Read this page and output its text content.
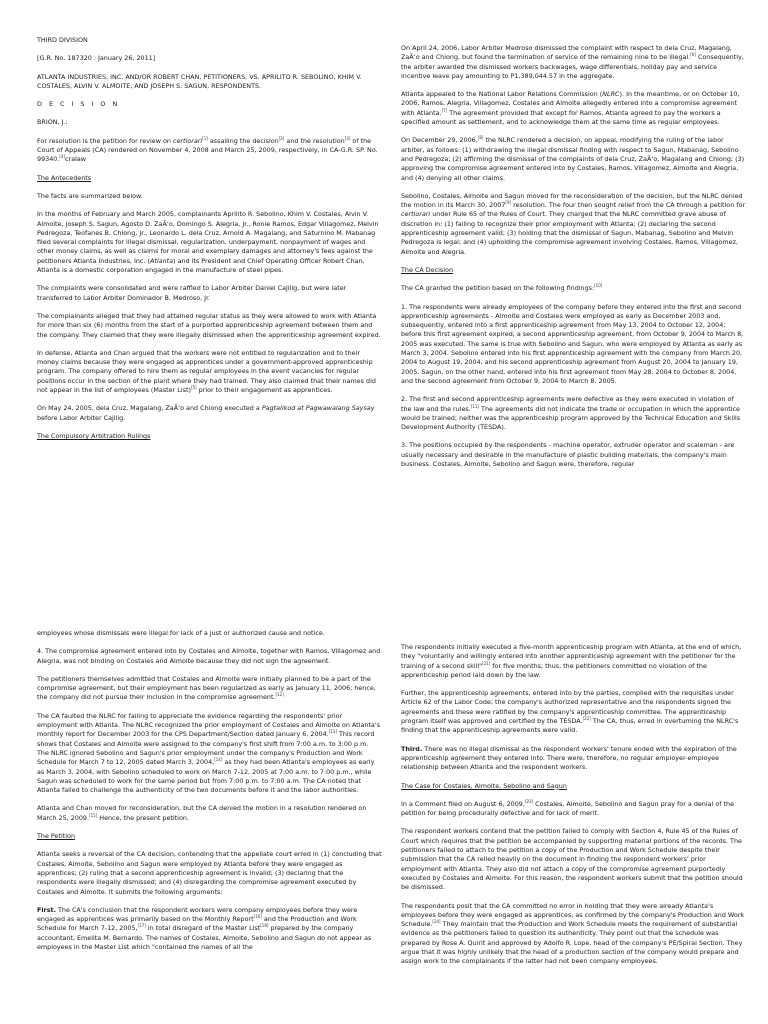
THIRD DIVISION

[G.R. No. 187320 : January 26, 2011]

ATLANTA INDUSTRIES, INC. AND/OR ROBERT CHAN, PETITIONERS, VS. APRILITO R. SEBOLINO, KHIM V. COSTALES, ALVIN V. ALMOITE, AND JOSEPH S. SAGUN, RESPONDENTS.

D E C I S I O N

BRION, J.:

For resolution is the petition for review on certiorari[1] assailing the decision[2] and the resolution[3] of the Court of Appeals (CA) rendered on November 4, 2008 and March 25, 2009, respectively, in CA-G.R. SP. No. 99340.[4]cralaw

The Antecedents

The facts are summarized below.

In the months of February and March 2005, complainants Aprilito R. Sebolino, Khim V. Costales, Alvin V. Almoite, Joseph S. Sagun, Agosto D. ZaÃ‘o, Domingo S. Alegria, Jr., Ronie Ramos, Edgar Villagomez, Melvin Pedregoza, Teofanes B. Chiong, Jr., Leonardo L. dela Cruz, Arnold A. Magalang, and Saturnino M. Mabanag filed several complaints for illegal dismissal, regularization, underpayment, nonpayment of wages and other money claims, as well as claims for moral and exemplary damages and attorney's fees against the petitioners Atlanta Industries, Inc. (Atlanta) and its President and Chief Operating Officer Robert Chan. Atlanta is a domestic corporation engaged in the manufacture of steel pipes.

The complaints were consolidated and were raffled to Labor Arbiter Daniel Cajilig, but were later transferred to Labor Arbiter Dominador B. Medroso, Jr.

The complainants alleged that they had attained regular status as they were allowed to work with Atlanta for more than six (6) months from the start of a purported apprenticeship agreement between them and the company. They claimed that they were illegally dismissed when the apprenticeship agreement expired.

In defense, Atlanta and Chan argued that the workers were not entitled to regularization and to their money claims because they were engaged as apprentices under a government-approved apprenticeship program. The company offered to hire them as regular employees in the event vacancies for regular positions occur in the section of the plant where they had trained. They also claimed that their names did not appear in the list of employees (Master List)[5] prior to their engagement as apprentices.

On May 24, 2005, dela Cruz, Magalang, ZaÃ‘o and Chiong executed a Pagtalikod at Pagwawalang Saysay before Labor Arbiter Cajilig.

The Compulsory Arbitration Rulings

On April 24, 2006, Labor Arbiter Medroso dismissed the complaint with respect to dela Cruz, Magalang, ZaÃ‘o and Chiong, but found the termination of service of the remaining nine to be illegal.[6] Consequently, the arbiter awarded the dismissed workers backwages, wage differentials, holiday pay and service incentive leave pay amounting to P1,389,044.57 in the aggregate.

Atlanta appealed to the National Labor Relations Commission (NLRC). In the meantime, or on October 10, 2006, Ramos, Alegria, Villagomez, Costales and Almoite allegedly entered into a compromise agreement with Atlanta.[7] The agreement provided that except for Ramos, Atlanta agreed to pay the workers a specified amount as settlement, and to acknowledge them at the same time as regular employees.

On December 29, 2006,[8] the NLRC rendered a decision, on appeal, modifying the ruling of the labor arbiter, as follows: (1) withdrawing the illegal dismissal finding with respect to Sagun, Mabanag, Sebolino and Pedregoza; (2) affirming the dismissal of the complaints of dela Cruz, ZaÃ‘o, Magalang and Chiong; (3) approving the compromise agreement entered into by Costales, Ramos, Villagomez, Almoite and Alegria, and (4) denying all other claims.

Sebolino, Costales, Almoite and Sagun moved for the reconsideration of the decision, but the NLRC denied the motion in its March 30, 2007[9] resolution. The four then sought relief from the CA through a petition for certiorari under Rule 65 of the Rules of Court. They charged that the NLRC committed grave abuse of discretion in: (1) failing to recognize their prior employment with Atlanta; (2) declaring the second apprenticeship agreement valid; (3) holding that the dismissal of Sagun, Mabanag, Sebolino and Melvin Pedregoza is legal; and (4) upholding the compromise agreement involving Costales, Ramos, Villagomez, Almoite and Alegria.

The CA Decision

The CA granted the petition based on the following findings:[10]

1. The respondents were already employees of the company before they entered into the first and second apprenticeship agreements - Almoite and Costales were employed as early as December 2003 and, subsequently, entered into a first apprenticeship agreement from May 13, 2004 to October 12, 2004; before this first agreement expired, a second apprenticeship agreement, from October 9, 2004 to March 8, 2005 was executed. The same is true with Sebolino and Sagun, who were employed by Atlanta as early as March 3, 2004. Sebolino entered into his first apprenticeship agreement with the company from March 20, 2004 to August 19, 2004, and his second apprenticeship agreement from August 20, 2004 to January 19, 2005. Sagun, on the other hand, entered into his first agreement from May 28, 2004 to October 8, 2004, and the second agreement from October 9, 2004 to March 8, 2005.

2. The first and second apprenticeship agreements were defective as they were executed in violation of the law and the rules.[11] The agreements did not indicate the trade or occupation in which the apprentice would be trained; neither was the apprenticeship program approved by the Technical Education and Skills Development Authority (TESDA).

3. The positions occupied by the respondents - machine operator, extruder operator and scaleman - are usually necessary and desirable in the manufacture of plastic building materials, the company's main business. Costales, Almoite, Sebolino and Sagun were, therefore, regular

employees whose dismissals were illegal for lack of a just or authorized cause and notice.

4. The compromise agreement entered into by Costales and Almoite, together with Ramos, Villagomez and Alegria, was not binding on Costales and Almoite because they did not sign the agreement.

The petitioners themselves admitted that Costales and Almoite were initially planned to be a part of the compromise agreement, but their employment has been regularized as early as January 11, 2006; hence, the company did not pursue their inclusion in the compromise agreement.[12]

The CA faulted the NLRC for failing to appreciate the evidence regarding the respondents' prior employment with Atlanta. The NLRC recognized the prior employment of Costales and Almoite on Atlanta's monthly report for December 2003 for the CPS Department/Section dated January 6, 2004.[13] This record shows that Costales and Almoite were assigned to the company's first shift from 7:00 a.m. to 3:00 p.m. The NLRC ignored Sebolino and Sagun's prior employment under the company's Production and Work Schedule for March 7 to 12, 2005 dated March 3, 2004,[14] as they had been Atlanta's employees as early as March 3, 2004, with Sebolino scheduled to work on March 7-12, 2005 at 7:00 a.m. to 7:00 p.m., while Sagun was scheduled to work for the same period but from 7:00 p.m. to 7:00 a.m. The CA noted that Atlanta failed to challenge the authenticity of the two documents before it and the labor authorities.

Atlanta and Chan moved for reconsideration, but the CA denied the motion in a resolution rendered on March 25, 2009.[15] Hence, the present petition.

The Petition

Atlanta seeks a reversal of the CA decision, contending that the appellate court erred in (1) concluding that Costales, Almoite, Sebolino and Sagun were employed by Atlanta before they were engaged as apprentices; (2) ruling that a second apprenticeship agreement is invalid; (3) declaring that the respondents were illegally dismissed; and (4) disregarding the compromise agreement executed by Costales and Almoite. It submits the following arguments:

First. The CA's conclusion that the respondent workers were company employees before they were engaged as apprentices was primarily based on the Monthly Report[16] and the Production and Work Schedule for March 7-12, 2005,[17] in total disregard of the Master List[18] prepared by the company accountant, Emelita M. Bernardo. The names of Costales, Almoite, Sebolino and Sagun do not appear as employees in the Master List which "contained the names of all the

The respondents initially executed a five-month apprenticeship program with Atlanta, at the end of which, they "voluntarily and willingly entered into another apprenticeship agreement with the petitioner for the training of a second skill"[21] for five months; thus, the petitioners committed no violation of the apprenticeship period laid down by the law.

Further, the apprenticeship agreements, entered into by the parties, complied with the requisites under Article 62 of the Labor Code; the company's authorized representative and the respondents signed the agreements and these were ratified by the company's apprenticeship committee. The apprenticeship program itself was approved and certified by the TESDA.[22] The CA, thus, erred in overturning the NLRC's finding that the apprenticeship agreements were valid.

Third. There was no illegal dismissal as the respondent workers' tenure ended with the expiration of the apprenticeship agreement they entered into. There were, therefore, no regular employer-employee relationship between Atlanta and the respondent workers.

The Case for Costales, Almoite, Sebolino and Sagun

In a Comment filed on August 6, 2009,[23] Costales, Almoite, Sebolino and Sagun pray for a denial of the petition for being procedurally defective and for lack of merit.

The respondent workers contend that the petition failed to comply with Section 4, Rule 45 of the Rules of Court which requires that the petition be accompanied by supporting material portions of the records. The petitioners failed to attach to the petition a copy of the Production and Work Schedule despite their submission that the CA relied heavily on the document in finding the respondent workers' prior employment with Atlanta. They also did not attach a copy of the compromise agreement purportedly executed by Costales and Almoite. For this reason, the respondent workers submit that the petition should be dismissed.

The respondents posit that the CA committed no error in holding that they were already Atlanta's employees before they were engaged as apprentices, as confirmed by the company's Production and Work Schedule.[24] They maintain that the Production and Work Schedule meets the requirement of substantial evidence as the petitioners failed to question its authenticity. They point out that the schedule was prepared by Rose A. Quirit and approved by Adolfo R. Lope, head of the company's PE/Spiral Section. They argue that it was highly unlikely that the head of a production section of the company would prepare and assign work to the complainants if the latter had not been company employees.
